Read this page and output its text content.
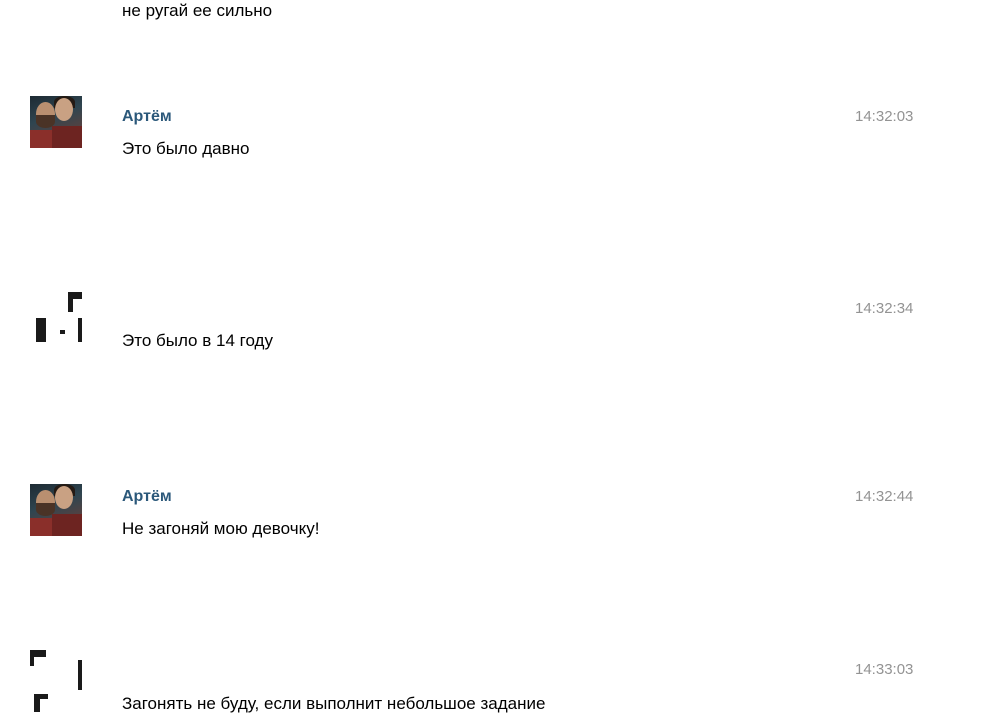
не ругай ее сильно
Артём
Это было давно
14:32:03
Это было в 14 году
14:32:34
Артём
Не загоняй мою девочку!
14:32:44
Загонять не буду, если выполнит небольшое задание
14:33:03
